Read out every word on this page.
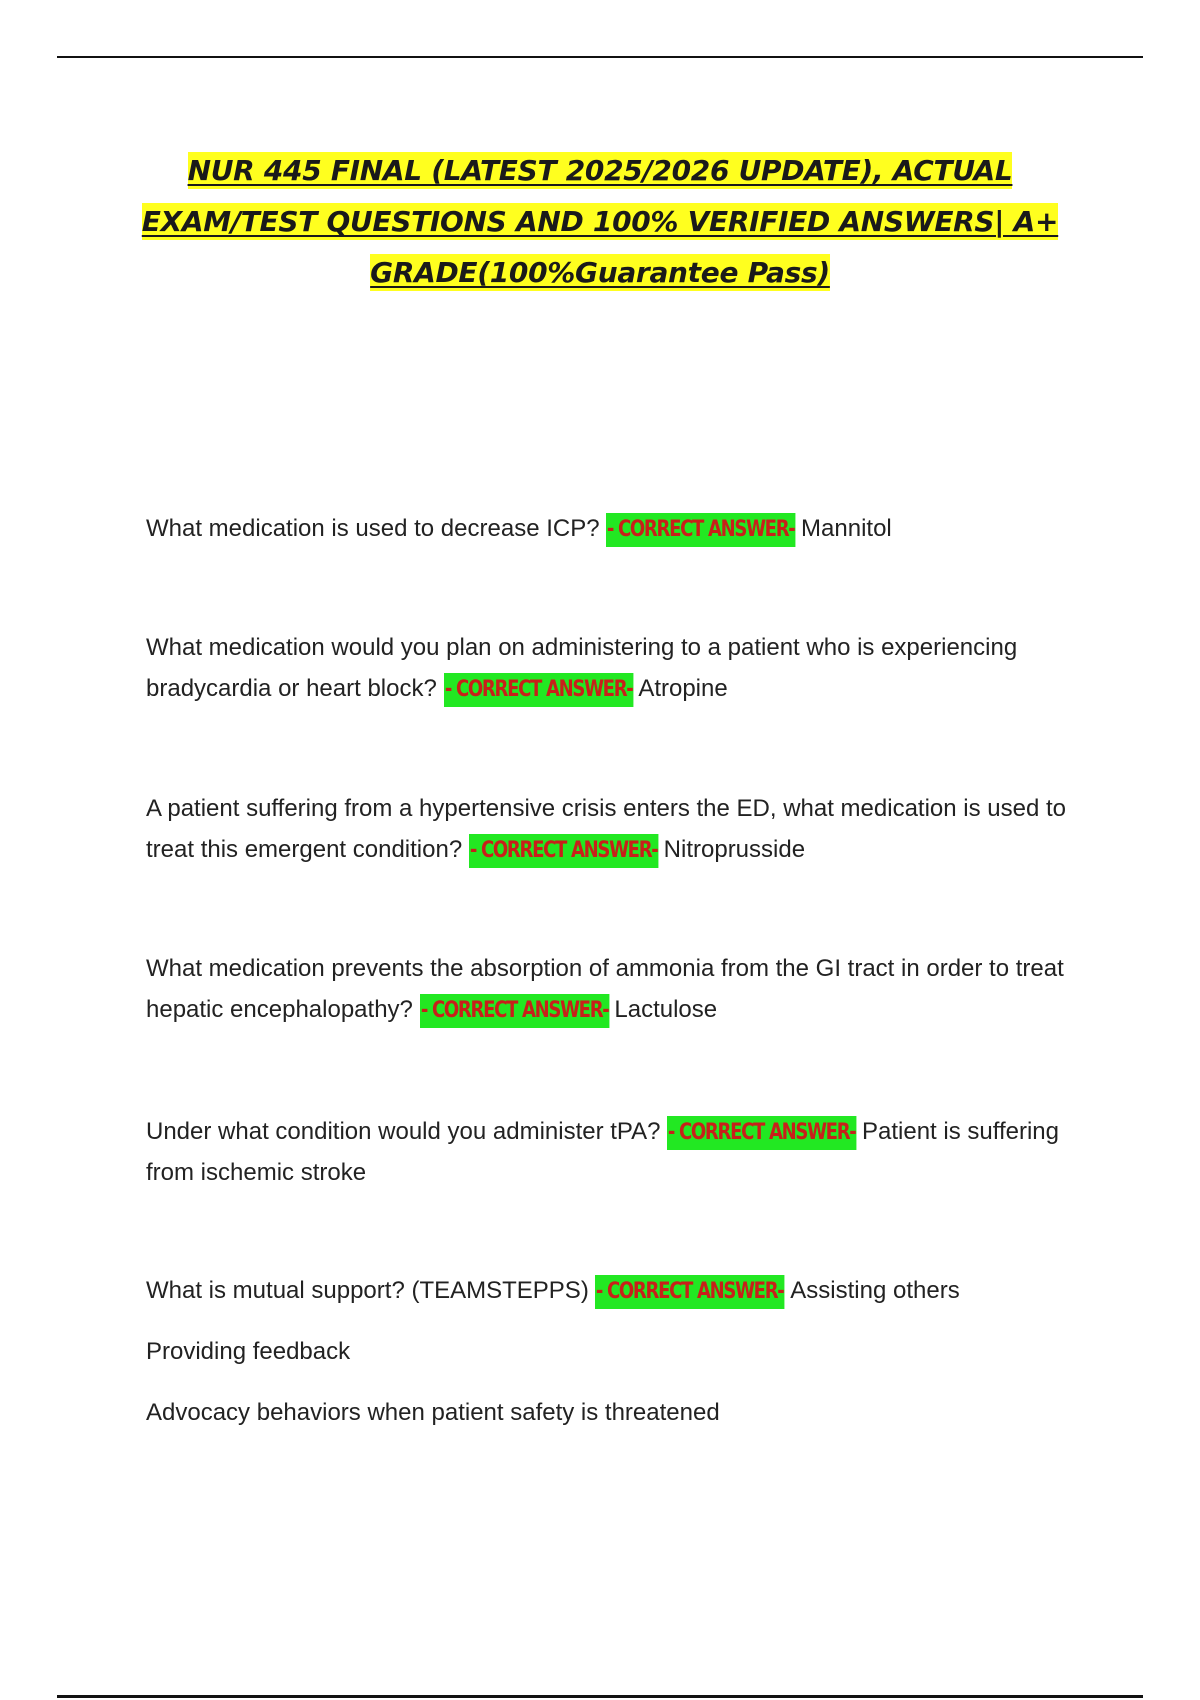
NUR 445 FINAL (LATEST 2025/2026 UPDATE), ACTUAL
EXAM/TEST QUESTIONS AND 100% VERIFIED ANSWERS| A+
GRADE(100%Guarantee Pass)
What medication is used to decrease ICP? - CORRECT ANSWER- Mannitol
What medication would you plan on administering to a patient who is experiencing bradycardia or heart block? - CORRECT ANSWER- Atropine
A patient suffering from a hypertensive crisis enters the ED, what medication is used to treat this emergent condition? - CORRECT ANSWER- Nitroprusside
What medication prevents the absorption of ammonia from the GI tract in order to treat hepatic encephalopathy? - CORRECT ANSWER- Lactulose
Under what condition would you administer tPA? - CORRECT ANSWER- Patient is suffering from ischemic stroke
What is mutual support? (TEAMSTEPPS) - CORRECT ANSWER- Assisting others
Providing feedback
Advocacy behaviors when patient safety is threatened
